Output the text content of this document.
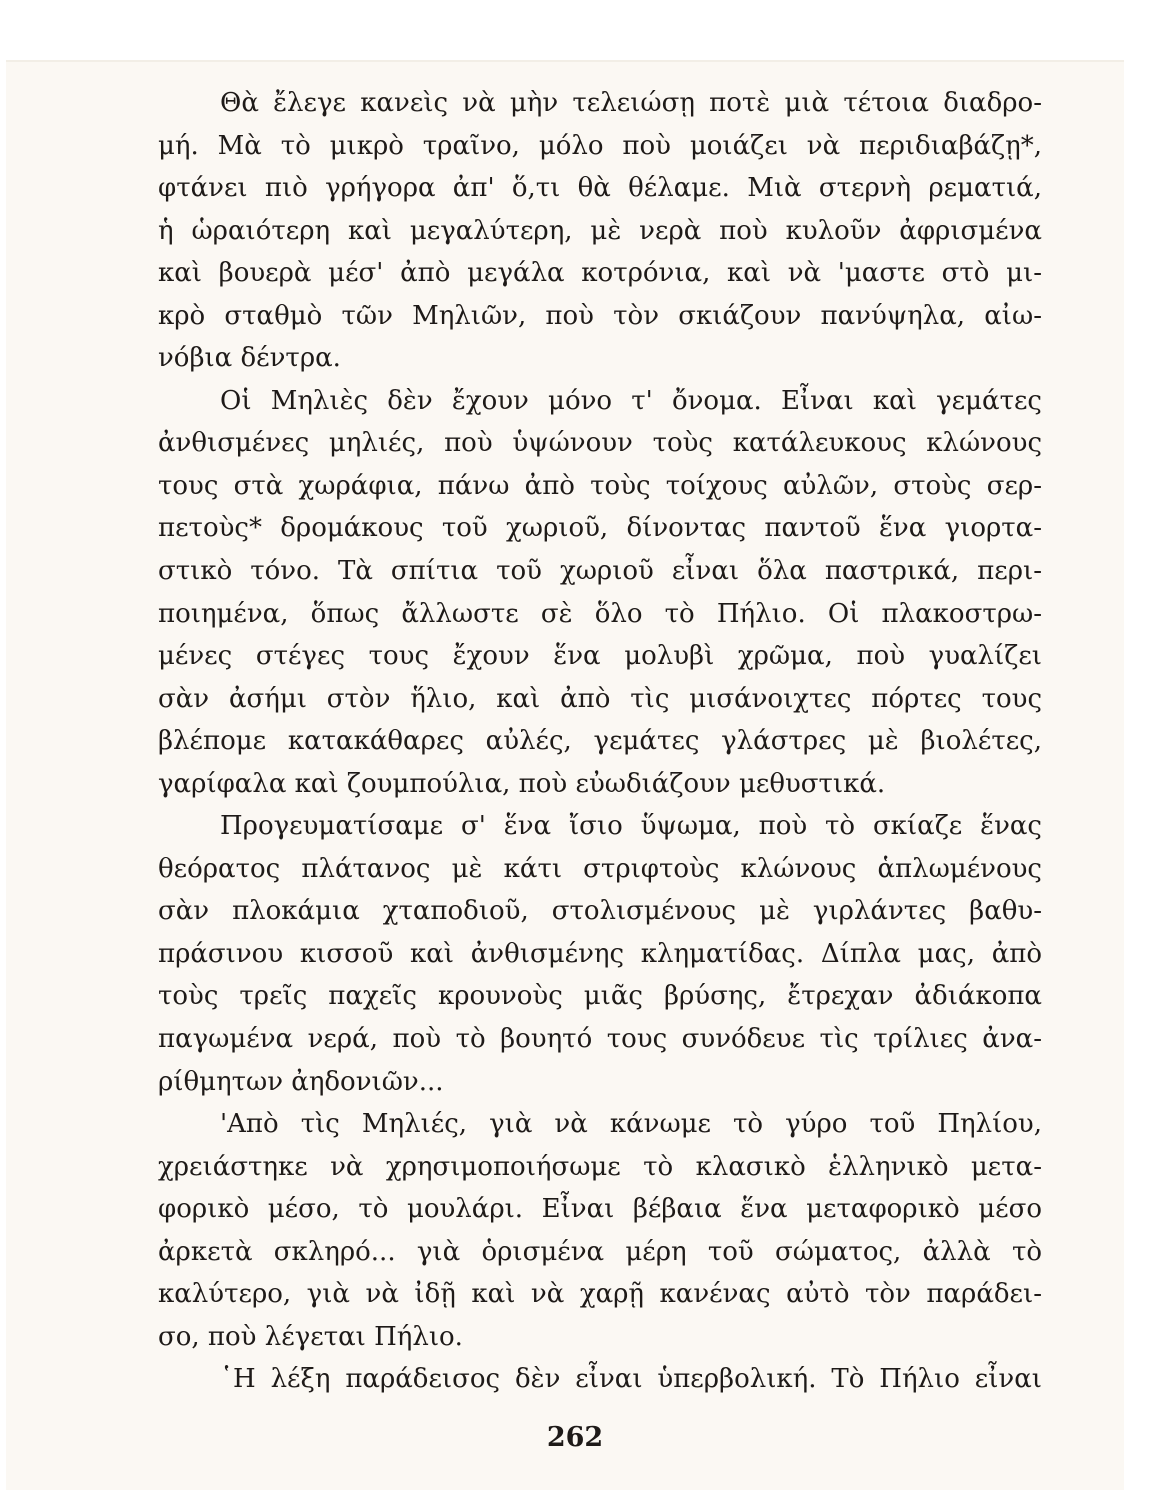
Θὰ ἔλεγε κανεὶς νὰ μὴν τελειώσῃ ποτὲ μιὰ τέτοια διαδρο-
μή. Μὰ τὸ μικρὸ τραῖνο, μόλο ποὺ μοιάζει νὰ περιδιαβάζῃ*,
φτάνει πιὸ γρήγορα ἀπ' ὅ,τι θὰ θέλαμε. Μιὰ στερνὴ ρεματιά,
ἡ ὡραιότερη καὶ μεγαλύτερη, μὲ νερὰ ποὺ κυλοῦν ἀφρισμένα
καὶ βουερὰ μέσ' ἀπὸ μεγάλα κοτρόνια, καὶ νὰ 'μαστε στὸ μι-
κρὸ σταθμὸ τῶν Μηλιῶν, ποὺ τὸν σκιάζουν πανύψηλα, αἰω-
νόβια δέντρα.
Οἱ Μηλιὲς δὲν ἔχουν μόνο τ' ὄνομα. Εἶναι καὶ γεμάτες
ἀνθισμένες μηλιές, ποὺ ὑψώνουν τοὺς κατάλευκους κλώνους
τους στὰ χωράφια, πάνω ἀπὸ τοὺς τοίχους αὐλῶν, στοὺς σερ-
πετοὺς* δρομάκους τοῦ χωριοῦ, δίνοντας παντοῦ ἕνα γιορτα-
στικὸ τόνο. Τὰ σπίτια τοῦ χωριοῦ εἶναι ὅλα παστρικά, περι-
ποιημένα, ὅπως ἄλλωστε σὲ ὅλο τὸ Πήλιο. Οἱ πλακοστρω-
μένες στέγες τους ἔχουν ἕνα μολυβὶ χρῶμα, ποὺ γυαλίζει
σὰν ἀσήμι στὸν ἥλιο, καὶ ἀπὸ τὶς μισάνοιχτες πόρτες τους
βλέπομε κατακάθαρες αὐλές, γεμάτες γλάστρες μὲ βιολέτες,
γαρίφαλα καὶ ζουμπούλια, ποὺ εὐωδιάζουν μεθυστικά.
Προγευματίσαμε σ' ἕνα ἴσιο ὕψωμα, ποὺ τὸ σκίαζε ἕνας
θεόρατος πλάτανος μὲ κάτι στριφτοὺς κλώνους ἁπλωμένους
σὰν πλοκάμια χταποδιοῦ, στολισμένους μὲ γιρλάντες βαθυ-
πράσινου κισσοῦ καὶ ἀνθισμένης κληματίδας. Δίπλα μας, ἀπὸ
τοὺς τρεῖς παχεῖς κρουνοὺς μιᾶς βρύσης, ἔτρεχαν ἀδιάκοπα
παγωμένα νερά, ποὺ τὸ βουητό τους συνόδευε τὶς τρίλιες ἀνα-
ρίθμητων ἀηδονιῶν...
'Απὸ τὶς Μηλιές, γιὰ νὰ κάνωμε τὸ γύρο τοῦ Πηλίου,
χρειάστηκε νὰ χρησιμοποιήσωμε τὸ κλασικὸ ἑλληνικὸ μετα-
φορικὸ μέσο, τὸ μουλάρι. Εἶναι βέβαια ἕνα μεταφορικὸ μέσο
ἀρκετὰ σκληρό... γιὰ ὁρισμένα μέρη τοῦ σώματος, ἀλλὰ τὸ
καλύτερο, γιὰ νὰ ἰδῇ καὶ νὰ χαρῇ κανένας αὐτὸ τὸν παράδει-
σο, ποὺ λέγεται Πήλιο.
῾Η λέξη παράδεισος δὲν εἶναι ὑπερβολική. Τὸ Πήλιο εἶναι
262
